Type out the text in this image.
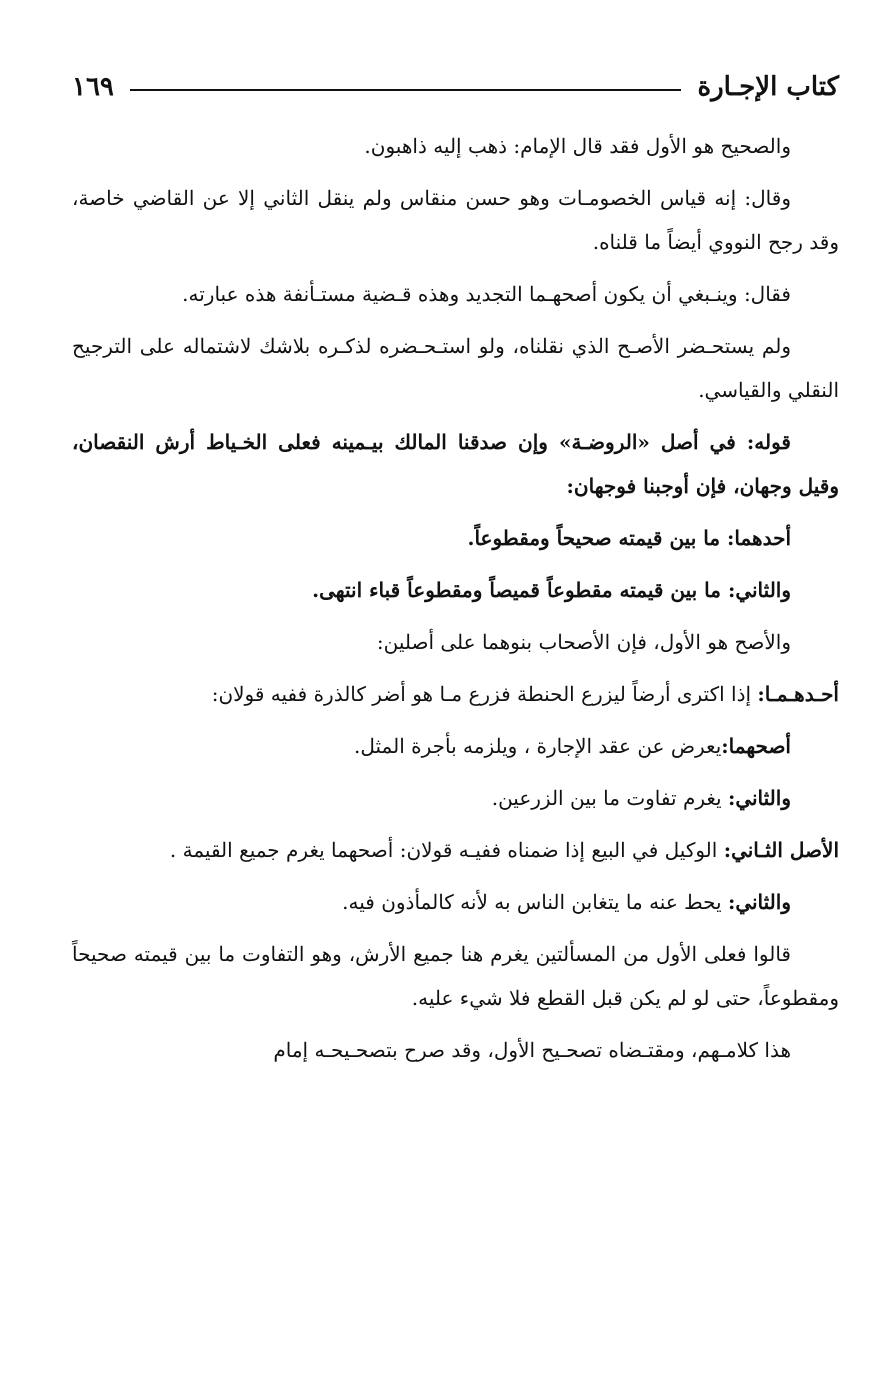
كتاب الإجـارة
١٦٩

والصحيح هو الأول فقد قال الإمام: ذهب إليه ذاهبون.

وقال: إنه قياس الخصومـات وهو حسن منقاس ولم ينقل الثاني إلا عن القاضي خاصة، وقد رجح النووي أيضاً ما قلناه.

فقال: وينـبغي أن يكون أصحهـما التجديد وهذه قـضية مستـأنفة هذه عبارته.

ولم يستحـضر الأصـح الذي نقلناه، ولو استـحـضره لذكـره بلاشك لاشتماله على الترجيح النقلي والقياسي.

قوله: في أصل «الروضـة» وإن صدقنا المالك بيـمينه فعلى الخـياط أرش النقصان، وقيل وجهان، فإن أوجبنا فوجهان:

أحدهما: ما بين قيمته صحيحاً ومقطوعاً.

والثاني: ما بين قيمته مقطوعاً قميصاً ومقطوعاً قباء انتهى.

والأصح هو الأول، فإن الأصحاب بنوهما على أصلين:

أحـدهـمـا: إذا اكترى أرضاً ليزرع الحنطة فزرع مـا هو أضر كالذرة ففيه قولان:

أصحهما:يعرض عن عقد الإجارة ، ويلزمه بأجرة المثل.

والثاني: يغرم تفاوت ما بين الزرعين.

الأصل الثـاني: الوكيل في البيع إذا ضمناه ففيـه قولان: أصحهما يغرم جميع القيمة .

والثاني: يحط عنه ما يتغابن الناس به لأنه كالمأذون فيه.

قالوا فعلى الأول من المسألتين يغرم هنا جميع الأرش، وهو التفاوت ما بين قيمته صحيحاً ومقطوعاً، حتى لو لم يكن قبل القطع فلا شيء عليه.

هذا كلامـهم، ومقتـضاه تصحـيح الأول، وقد صرح بتصحـيحـه إمام
